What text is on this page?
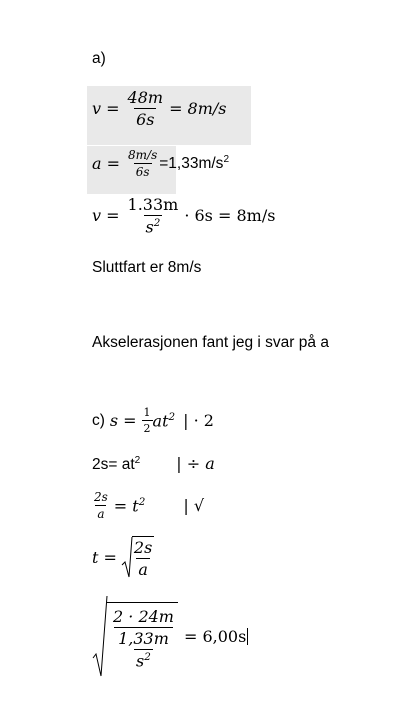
a)
$v = \frac{48m}{6s} = 8m/s$
$a = \frac{8m/s}{6s} =1,33m/s^2$
$v = \frac{1.33m}{s^2} \cdot 6s = 8m/s$
Sluttfart er 8m/s
Akselerasjonen fant jeg i svar på a
c) $s = \frac{1}{2} at^2$ | · 2
$2s= at^2$ | ÷ a
$\frac{2s}{a} = t^2$ | √
$t = \frac{2s}{a}$
$\frac{2 \cdot 24m}{\frac{1,33m}{s^2}} = 6,00s$
